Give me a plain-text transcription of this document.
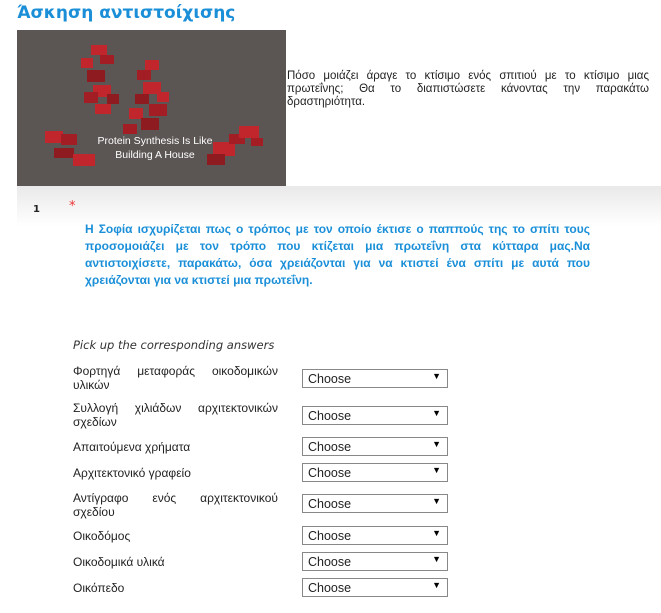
Άσκηση αντιστοίχισης
Protein Synthesis Is Like
Building A House

Πόσο μοιάζει άραγε το κτίσιμο ενός σπιτιού με το κτίσιμο μιας πρωτεΐνης; Θα το διαπιστώσετε κάνοντας την παρακάτω δραστηριότητα.

1 *

Η Σοφία ισχυρίζεται πως ο τρόπος με τον οποίο έκτισε ο παππούς της το σπίτι τους προσομοιάζει με τον τρόπο που κτίζεται μια πρωτεΐνη στα κύτταρα μας.Να αντιστοιχίσετε, παρακάτω, όσα χρειάζονται για να κτιστεί ένα σπίτι με αυτά που χρειάζονται για να κτιστεί μια πρωτεΐνη.

Pick up the corresponding answers
Φορτηγά μεταφοράς οικοδομικών
υλικών	Choose	▼
Συλλογή χιλιάδων αρχιτεκτονικών
σχεδίων	Choose	▼
Απαιτούμενα χρήματα	Choose	▼
Αρχιτεκτονικό γραφείο	Choose	▼
Αντίγραφο ενός αρχιτεκτονικού
σχεδίου
Choose	▼
Οικοδόμος	Choose	▼
Οικοδομικά υλικά	Choose	▼
Οικόπεδο	Choose	▼
